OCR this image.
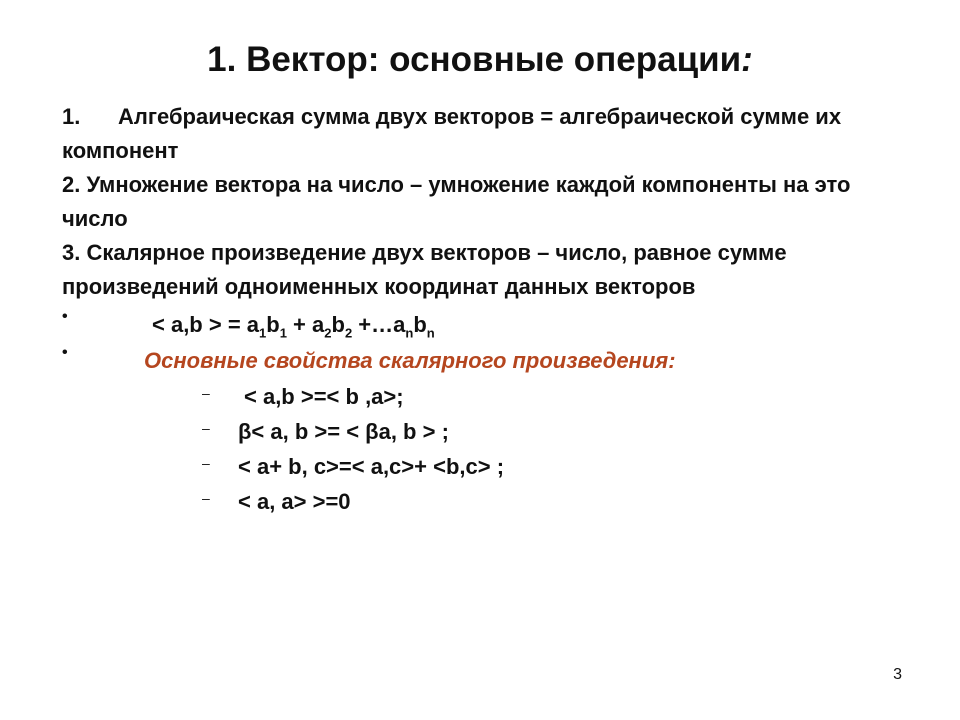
1. Вектор: основные операции:

1. Алгебраическая сумма двух векторов = алгебраической сумме их компонент

2. Умножение вектора на число – умножение каждой компоненты на это число

3. Скалярное произведение двух векторов – число, равное сумме произведений одноименных координат данных векторов

•	< a,b > = $a_1b_1 + a_2b_2$ $+\dots a_nb_n$
•	Основные свойства скалярного произведения:
– < a,b >=< b ,a>;
– β< a, b >= < βa, b > ;
– < a+ b, c>=< a,c>+ <b,c> ;
– < a, a> >=0
3
